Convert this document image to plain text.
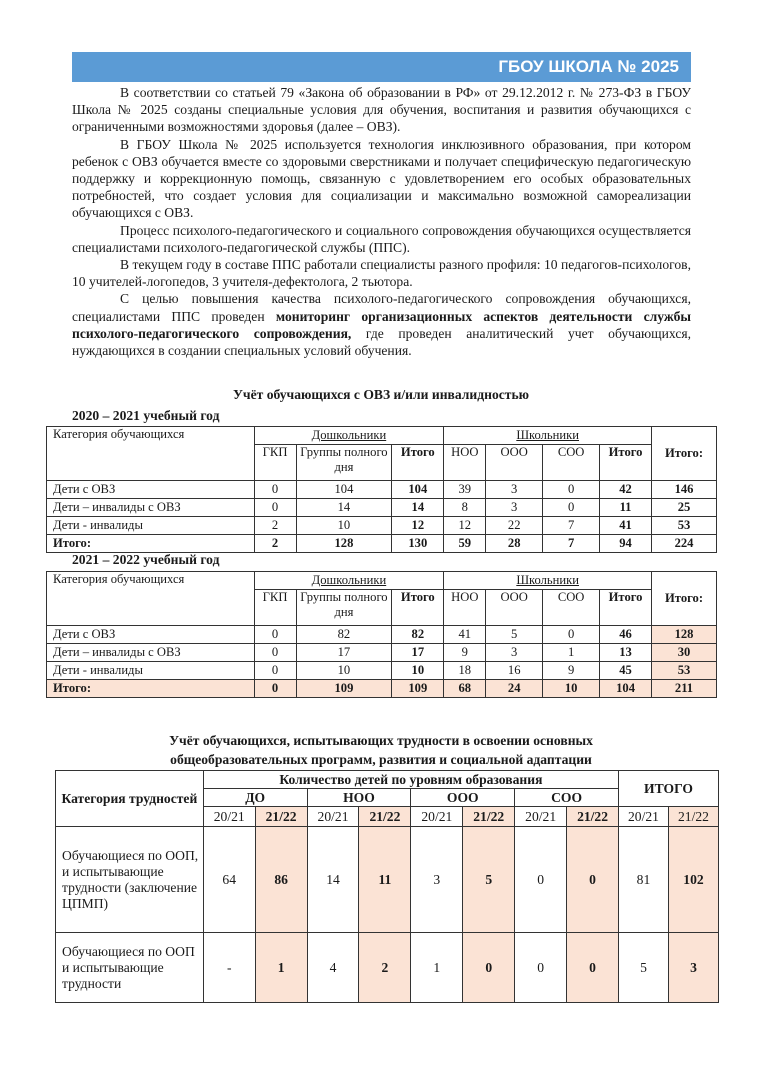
ГБОУ ШКОЛА № 2025

В соответствии со статьей 79 «Закона об образовании в РФ» от 29.12.2012 г. № 273-ФЗ в ГБОУ Школа № 2025 созданы специальные условия для обучения, воспитания и развития обучающихся с ограниченными возможностями здоровья (далее – ОВЗ).

В ГБОУ Школа № 2025 используется технология инклюзивного образования, при котором ребенок с ОВЗ обучается вместе со здоровыми сверстниками и получает специфическую педагогическую поддержку и коррекционную помощь, связанную с удовлетворением его особых образовательных потребностей, что создает условия для социализации и максимально возможной самореализации обучающихся с ОВЗ.

Процесс психолого-педагогического и социального сопровождения обучающихся осуществляется специалистами психолого-педагогической службы (ППС).

В текущем году в составе ППС работали специалисты разного профиля: 10 педагогов-психологов, 10 учителей-логопедов, 3 учителя-дефектолога, 2 тьютора.

С целью повышения качества психолого-педагогического сопровождения обучающихся, специалистами ППС проведен мониторинг организационных аспектов деятельности службы психолого-педагогического сопровождения, где проведен аналитический учет обучающихся, нуждающихся в создании специальных условий обучения.

Учёт обучающихся с ОВЗ и/или инвалидностью
2020 – 2021 учебный год
Категория обучающихся	Дошкольники			Школьники				Итого:
	ГКП	Группы полного дня	Итого	НОО	ООО	СОО	Итого	
Дети с ОВЗ	0	104	104	39	3	0	42	146
Дети – инвалиды с ОВЗ	0	14	14	8	3	0	11	25
Дети - инвалиды	2	10	12	12	22	7	41	53
Итого:	2	128	130	59	28	7	94	224
2021 – 2022 учебный год
Категория обучающихся	Дошкольники			Школьники				Итого:
	ГКП	Группы полного дня	Итого	НОО	ООО	СОО	Итого	
Дети с ОВЗ	0	82	82	41	5	0	46	128
Дети – инвалиды с ОВЗ	0	17	17	9	3	1	13	30
Дети - инвалиды	0	10	10	18	16	9	45	53
Итого:	0	109	109	68	24	10	104	211
Учёт обучающихся, испытывающих трудности в освоении основных
общеобразовательных программ, развития и социальной адаптации
Категория трудностей	Количество детей по уровням образования								ИТОГО	
	ДО		НОО		ООО		СОО			
	20/21	21/22	20/21	21/22	20/21	21/22	20/21	21/22	20/21	21/22
Обучающиеся по ООП, и испытывающие трудности (заключение ЦПМП)	64	86	14	11	3	5	0	0	81	102
Обучающиеся по ООП и испытывающие трудности	-	1	4	2	1	0	0	0	5	3
